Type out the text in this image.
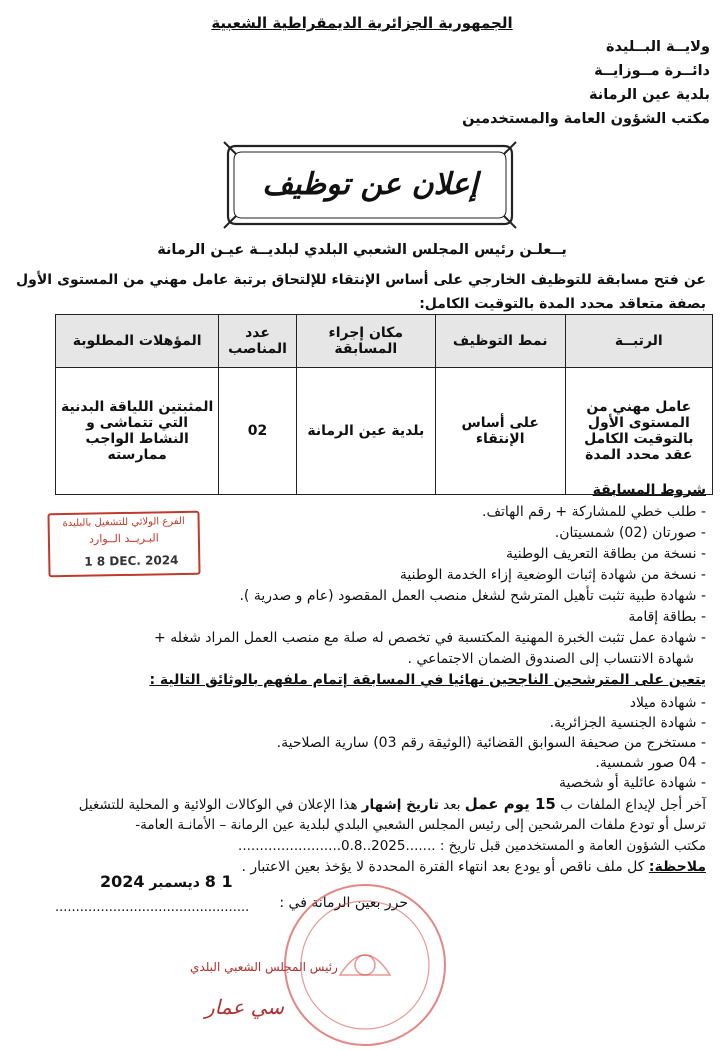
الجمهورية الجزائرية الديمقراطية الشعبية
ولايــة البــليدة
دائــرة مــوزايــة
بلدية عين الرمانة
مكتب الشؤون العامة والمستخدمين
إعلان عن توظيف
يــعلـن رئيس المجلس الشعبي البلدي لبلديــة عيـن الرمانة
عن فتح مسابقة للتوظيف الخارجي على أساس الإنتقاء للإلتحاق برتبة عامل مهني من المستوى الأول بصفة متعاقد محدد المدة بالتوقيت الكامل:
الرتبــة	نمط التوظيف	مكان إجراء المسابقة	عدد المناصب	المؤهلات المطلوبة
عامل مهني من المستوى الأول بالتوقيت الكامل عقد محدد المدة	على أساس الإنتقاء	بلدية عين الرمانة	02	المثبتين اللياقة البدنية التي تتماشى و النشاط الواجب ممارسته
شروط المسابقة
- طلب خطي للمشاركة + رقم الهاتف.
- صورتان (02) شمسيتان.
- نسخة من بطاقة التعريف الوطنية
- نسخة من شهادة إثبات الوضعية إزاء الخدمة الوطنية
- شهادة طبية تثبت تأهيل المترشح لشغل منصب العمل المقصود (عام و صدرية ).
- بطاقة إقامة
- شهادة عمل تثبت الخبرة المهنية المكتسبة في تخصص له صلة مع منصب العمل المراد شغله +
شهادة الانتساب إلى الصندوق الضمان الاجتماعي .
الفرع الولائي للتشغيل بالبليدة
البـريــد الــوارد
1 8 DEC. 2024
يتعين على المترشحين الناجحين نهائيا في المسابقة إتمام ملفهم بالوثائق التالية :
- شهادة ميلاد
- شهادة الجنسية الجزائرية.
- مستخرج من صحيفة السوابق القضائية (الوثيقة رقم 03) سارية الصلاحية.
- 04 صور شمسية.
- شهادة عائلية أو شخصية
آخر أجل لإيداع الملفات ب 15 يوم عمل بعد تاريخ إشهار هذا الإعلان في الوكالات الولائية و المحلية للتشغيل
ترسل أو تودع ملفات المرشحين إلى رئيس المجلس الشعبي البلدي لبلدية عين الرمانة – الأمانـة العامة-
مكتب الشؤون العامة و المستخدمين قبل تاريخ : .......2025..0.8........................
ملاحظة: كل ملف ناقص أو يودع بعد انتهاء الفترة المحددة لا يؤخذ بعين الاعتبار .
1 8 ديسمبر 2024
حرر بعين الرمانة في :
...............................................
رئيس المجلس الشعبي البلدي
سي عمار
